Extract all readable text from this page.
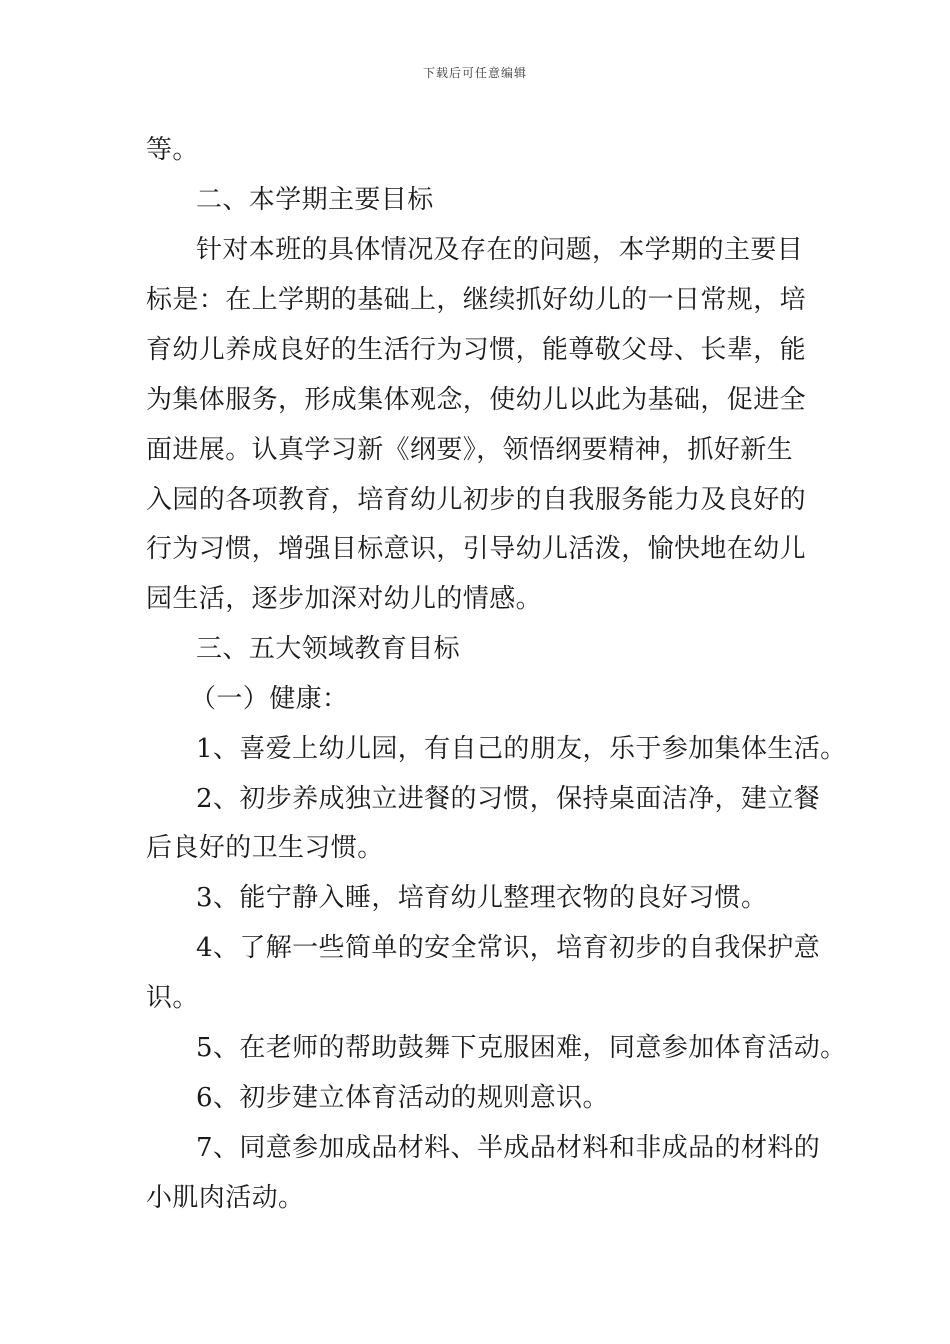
下载后可任意编辑
等。
二、本学期主要目标
针对本班的具体情况及存在的问题，本学期的主要目
标是：在上学期的基础上，继续抓好幼儿的一日常规，培
育幼儿养成良好的生活行为习惯，能尊敬父母、长辈，能
为集体服务，形成集体观念，使幼儿以此为基础，促进全
面进展。认真学习新《纲要》，领悟纲要精神，抓好新生
入园的各项教育，培育幼儿初步的自我服务能力及良好的
行为习惯，增强目标意识，引导幼儿活泼，愉快地在幼儿
园生活，逐步加深对幼儿的情感。
三、五大领域教育目标
（一）健康：
1、喜爱上幼儿园，有自己的朋友，乐于参加集体生活。
2、初步养成独立进餐的习惯，保持桌面洁净，建立餐
后良好的卫生习惯。
3、能宁静入睡，培育幼儿整理衣物的良好习惯。
4、了解一些简单的安全常识，培育初步的自我保护意
识。
5、在老师的帮助鼓舞下克服困难，同意参加体育活动。
6、初步建立体育活动的规则意识。
7、同意参加成品材料、半成品材料和非成品的材料的
小肌肉活动。
